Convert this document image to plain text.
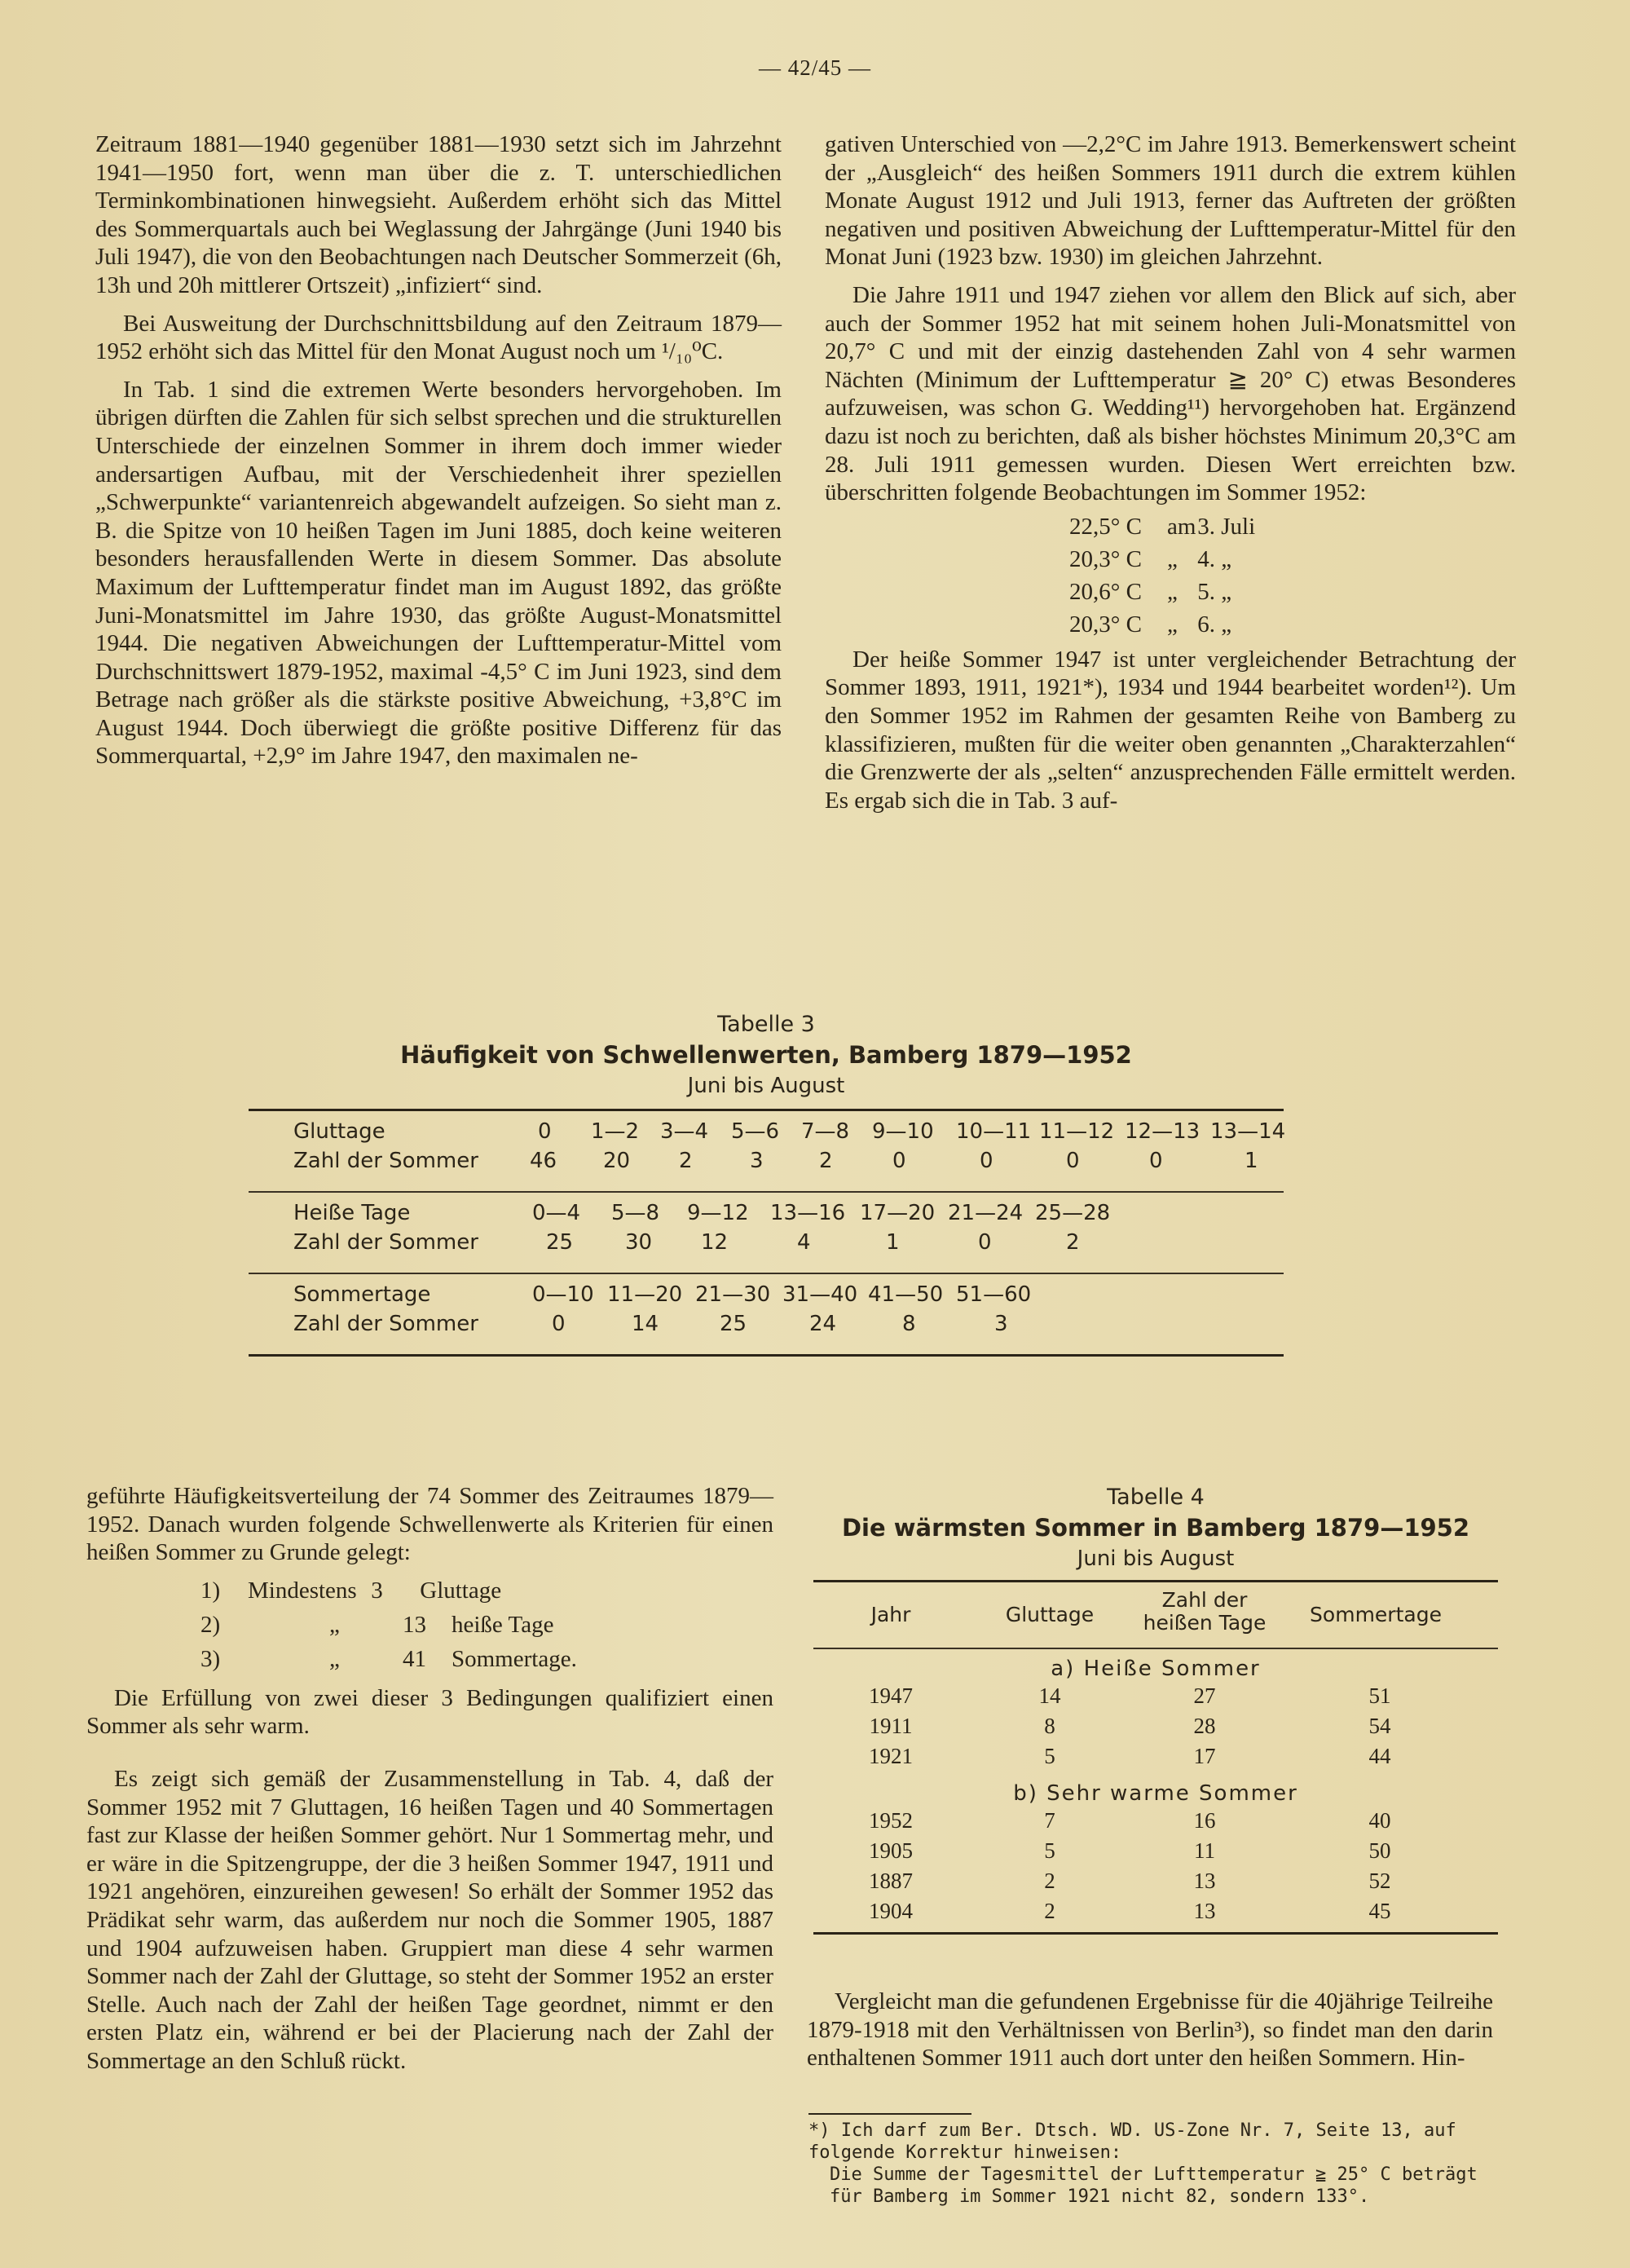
— 42/45 —

Zeitraum 1881—1940 gegenüber 1881—1930 setzt sich im Jahrzehnt 1941—1950 fort, wenn man über die z. T. unterschiedlichen Terminkombinationen hinwegsieht. Außerdem erhöht sich das Mittel des Sommerquartals auch bei Weglassung der Jahrgänge (Juni 1940 bis Juli 1947), die von den Beobachtungen nach Deutscher Sommerzeit (6h, 13h und 20h mittlerer Ortszeit) „infiziert“ sind.

Bei Ausweitung der Durchschnittsbildung auf den Zeitraum 1879—1952 erhöht sich das Mittel für den Monat August noch um ¹/₁₀⁰C.

In Tab. 1 sind die extremen Werte besonders hervorgehoben. Im übrigen dürften die Zahlen für sich selbst sprechen und die strukturellen Unterschiede der einzelnen Sommer in ihrem doch immer wieder andersartigen Aufbau, mit der Verschiedenheit ihrer speziellen „Schwerpunkte“ variantenreich abgewandelt aufzeigen. So sieht man z. B. die Spitze von 10 heißen Tagen im Juni 1885, doch keine weiteren besonders herausfallenden Werte in diesem Sommer. Das absolute Maximum der Lufttemperatur findet man im August 1892, das größte Juni-Monatsmittel im Jahre 1930, das größte August-Monatsmittel 1944. Die negativen Abweichungen der Lufttemperatur-Mittel vom Durchschnittswert 1879-1952, maximal -4,5° C im Juni 1923, sind dem Betrage nach größer als die stärkste positive Abweichung, +3,8°C im August 1944. Doch überwiegt die größte positive Differenz für das Sommerquartal, +2,9° im Jahre 1947, den maximalen ne-

gativen Unterschied von —2,2°C im Jahre 1913. Bemerkenswert scheint der „Ausgleich“ des heißen Sommers 1911 durch die extrem kühlen Monate August 1912 und Juli 1913, ferner das Auftreten der größten negativen und positiven Abweichung der Lufttemperatur-Mittel für den Monat Juni (1923 bzw. 1930) im gleichen Jahrzehnt.

Die Jahre 1911 und 1947 ziehen vor allem den Blick auf sich, aber auch der Sommer 1952 hat mit seinem hohen Juli-Monatsmittel von 20,7° C und mit der einzig dastehenden Zahl von 4 sehr warmen Nächten (Minimum der Lufttemperatur ≧ 20° C) etwas Besonderes aufzuweisen, was schon G. Wedding¹¹) hervorgehoben hat. Ergänzend dazu ist noch zu berichten, daß als bisher höchstes Minimum 20,3°C am 28. Juli 1911 gemessen wurden. Diesen Wert erreichten bzw. überschritten folgende Beobachtungen im Sommer 1952:

22,5° C am 3. Juli
20,3° C „ 4. „
20,6° C „ 5. „
20,3° C „ 6. „

Der heiße Sommer 1947 ist unter vergleichender Betrachtung der Sommer 1893, 1911, 1921*), 1934 und 1944 bearbeitet worden¹²). Um den Sommer 1952 im Rahmen der gesamten Reihe von Bamberg zu klassifizieren, mußten für die weiter oben genannten „Charakterzahlen“ die Grenzwerte der als „selten“ anzusprechenden Fälle ermittelt werden. Es ergab sich die in Tab. 3 auf-

Tabelle 3
Häufigkeit von Schwellenwerten, Bamberg 1879—1952
Juni bis August
Gluttage	0 1—2 3—4 5—6 7—8 9—10 10—11 11—12 12—13 13—14
Zahl der Sommer 46 20 2	3	2	0	0	0	0	1
Heiße Tage	0—4 5—8 9—12 13—16 17—20 21—24 25—28
Zahl der Sommer	25 30 12	4	1	0	2
Sommertage	0—10 11—20 21—30 31—40 41—50 51—60
Zahl der Sommer	0	14	25	24	8	3

geführte Häufigkeitsverteilung der 74 Sommer des Zeitraumes 1879—1952. Danach wurden folgende Schwellenwerte als Kriterien für einen heißen Sommer zu Grunde gelegt:

1) Mindestens 3 Gluttage
2)	„	13 heiße Tage
3)	„	41 Sommertage.

Die Erfüllung von zwei dieser 3 Bedingungen qualifiziert einen Sommer als sehr warm.

Es zeigt sich gemäß der Zusammenstellung in Tab. 4, daß der Sommer 1952 mit 7 Gluttagen, 16 heißen Tagen und 40 Sommertagen fast zur Klasse der heißen Sommer gehört. Nur 1 Sommertag mehr, und er wäre in die Spitzengruppe, der die 3 heißen Sommer 1947, 1911 und 1921 angehören, einzureihen gewesen! So erhält der Sommer 1952 das Prädikat sehr warm, das außerdem nur noch die Sommer 1905, 1887 und 1904 aufzuweisen haben. Gruppiert man diese 4 sehr warmen Sommer nach der Zahl der Gluttage, so steht der Sommer 1952 an erster Stelle. Auch nach der Zahl der heißen Tage geordnet, nimmt er den ersten Platz ein, während er bei der Placierung nach der Zahl der Sommertage an den Schluß rückt.

Tabelle 4
Die wärmsten Sommer in Bamberg 1879—1952
Juni bis August
Jahr	Gluttage
Zahl der
heißen Tage	Sommertage
a) Heiße Sommer
1947	14	27	51
1911	8	28	54
1921	5	17	44
b) Sehr warme Sommer
1952	7	16	40
1905	5	11	50
1887	2	13	52
1904	2	13	45

Vergleicht man die gefundenen Ergebnisse für die 40jährige Teilreihe 1879-1918 mit den Verhältnissen von Berlin³), so findet man den darin enthaltenen Sommer 1911 auch dort unter den heißen Sommern. Hin-

*) Ich darf zum Ber. Dtsch. WD. US-Zone Nr. 7, Seite 13, auf folgende Korrektur hinweisen:

Die Summe der Tagesmittel der Lufttemperatur ≧ 25° C beträgt für Bamberg im Sommer 1921 nicht 82, sondern 133°.
